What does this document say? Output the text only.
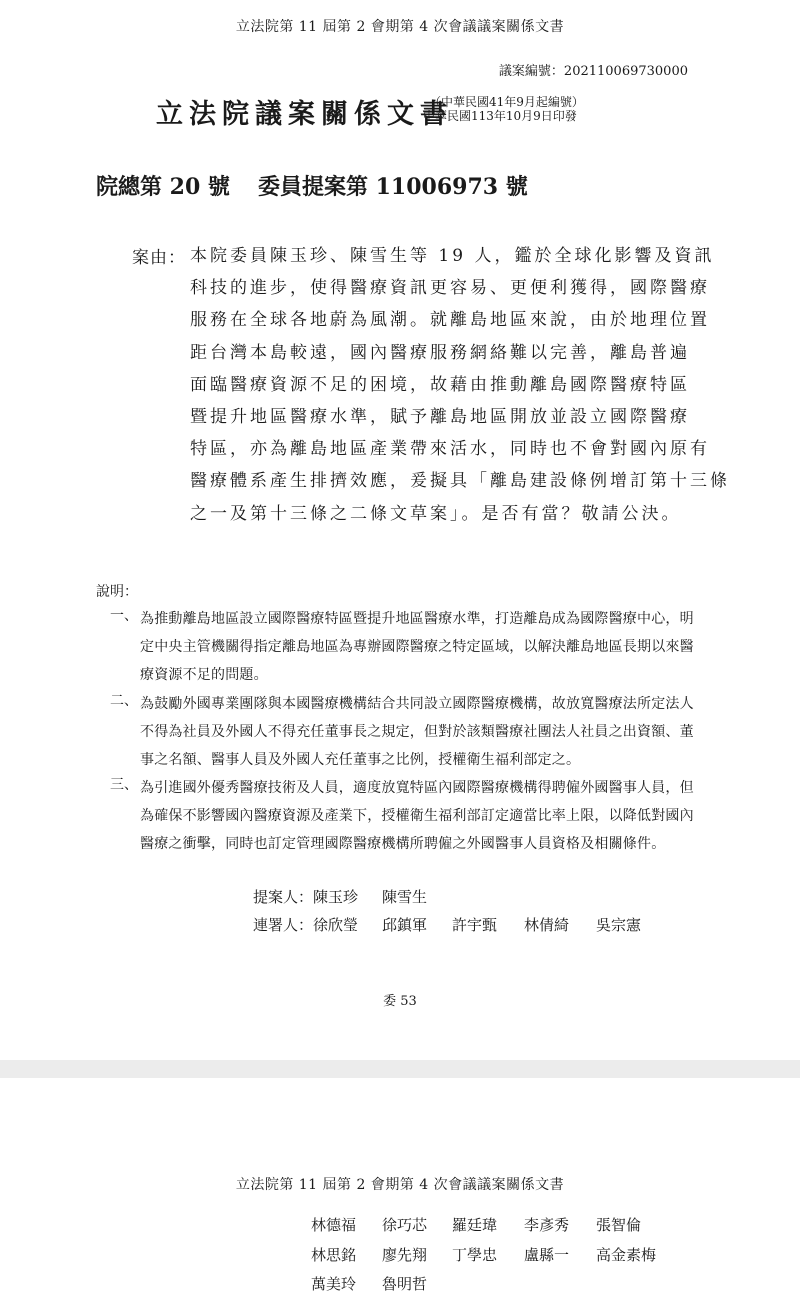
立法院第 11 屆第 2 會期第 4 次會議議案關係文書
議案編號：202110069730000
立法院議案關係文書
（中華民國41年9月起編號）
中華民國113年10月9日印發
院總第 20 號 委員提案第 11006973 號
案由： 本院委員陳玉珍、陳雪生等 19 人，鑑於全球化影響及資訊
科技的進步，使得醫療資訊更容易、更便利獲得，國際醫療
服務在全球各地蔚為風潮。就離島地區來說，由於地理位置
距台灣本島較遠，國內醫療服務網絡難以完善，離島普遍
面臨醫療資源不足的困境，故藉由推動離島國際醫療特區
暨提升地區醫療水準，賦予離島地區開放並設立國際醫療
特區，亦為離島地區產業帶來活水，同時也不會對國內原有
醫療體系產生排擠效應，爰擬具「離島建設條例增訂第十三條
之一及第十三條之二條文草案」。是否有當？敬請公決。
說明：
一、 為推動離島地區設立國際醫療特區暨提升地區醫療水準，打造離島成為國際醫療中心，明
定中央主管機關得指定離島地區為專辦國際醫療之特定區域，以解決離島地區長期以來醫
療資源不足的問題。
二、 為鼓勵外國專業團隊與本國醫療機構結合共同設立國際醫療機構，故放寬醫療法所定法人
不得為社員及外國人不得充任董事長之規定，但對於該類醫療社團法人社員之出資額、董
事之名額、醫事人員及外國人充任董事之比例，授權衛生福利部定之。
三、 為引進國外優秀醫療技術及人員，適度放寬特區內國際醫療機構得聘僱外國醫事人員，但
為確保不影響國內醫療資源及產業下，授權衛生福利部訂定適當比率上限，以降低對國內
醫療之衝擊，同時也訂定管理國際醫療機構所聘僱之外國醫事人員資格及相關條件。
提案人： 陳玉珍 陳雪生
連署人： 徐欣瑩 邱鎮軍 許宇甄 林倩綺 吳宗憲
委 53
立法院第 11 屆第 2 會期第 4 次會議議案關係文書
林德福 徐巧芯 羅廷瑋 李彥秀 張智倫
林思銘 廖先翔 丁學忠 盧縣一 高金素梅
萬美玲 魯明哲
